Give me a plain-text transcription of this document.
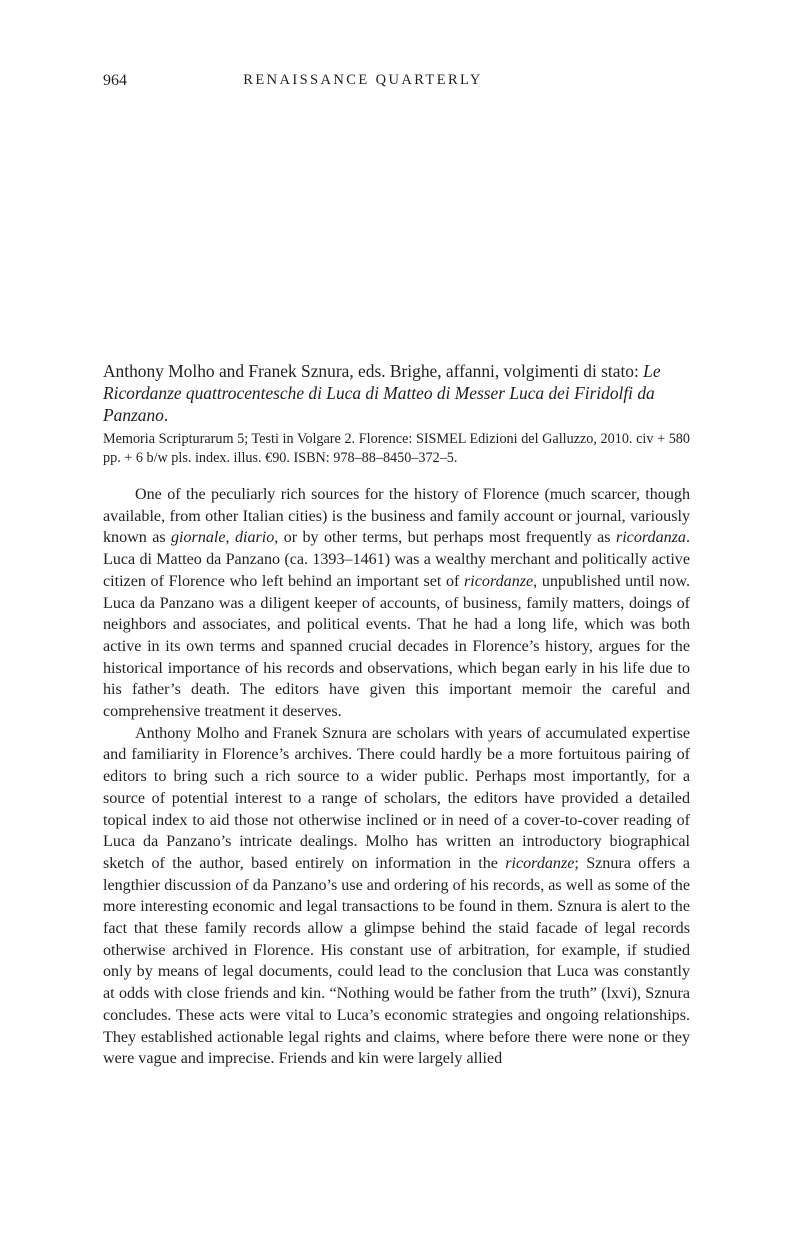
964	RENAISSANCE QUARTERLY

Anthony Molho and Franek Sznura, eds. Brighe, affanni, volgimenti di stato: Le Ricordanze quattrocentesche di Luca di Matteo di Messer Luca dei Firidolfi da Panzano.

Memoria Scripturarum 5; Testi in Volgare 2. Florence: SISMEL Edizioni del Galluzzo, 2010. civ + 580 pp. + 6 b/w pls. index. illus. €90. ISBN: 978–88–8450–372–5.

One of the peculiarly rich sources for the history of Florence (much scarcer, though available, from other Italian cities) is the business and family account or journal, variously known as giornale, diario, or by other terms, but perhaps most frequently as ricordanza. Luca di Matteo da Panzano (ca. 1393–1461) was a wealthy merchant and politically active citizen of Florence who left behind an important set of ricordanze, unpublished until now. Luca da Panzano was a diligent keeper of accounts, of business, family matters, doings of neighbors and associates, and political events. That he had a long life, which was both active in its own terms and spanned crucial decades in Florence’s history, argues for the historical importance of his records and observations, which began early in his life due to his father’s death. The editors have given this important memoir the careful and comprehensive treatment it deserves.

Anthony Molho and Franek Sznura are scholars with years of accumulated expertise and familiarity in Florence’s archives. There could hardly be a more fortuitous pairing of editors to bring such a rich source to a wider public. Perhaps most importantly, for a source of potential interest to a range of scholars, the editors have provided a detailed topical index to aid those not otherwise inclined or in need of a cover-to-cover reading of Luca da Panzano’s intricate dealings. Molho has written an introductory biographical sketch of the author, based entirely on information in the ricordanze; Sznura offers a lengthier discussion of da Panzano’s use and ordering of his records, as well as some of the more interesting economic and legal transactions to be found in them. Sznura is alert to the fact that these family records allow a glimpse behind the staid facade of legal records otherwise archived in Florence. His constant use of arbitration, for example, if studied only by means of legal documents, could lead to the conclusion that Luca was constantly at odds with close friends and kin. “Nothing would be father from the truth” (lxvi), Sznura concludes. These acts were vital to Luca’s economic strategies and ongoing relationships. They established actionable legal rights and claims, where before there were none or they were vague and imprecise. Friends and kin were largely allied
